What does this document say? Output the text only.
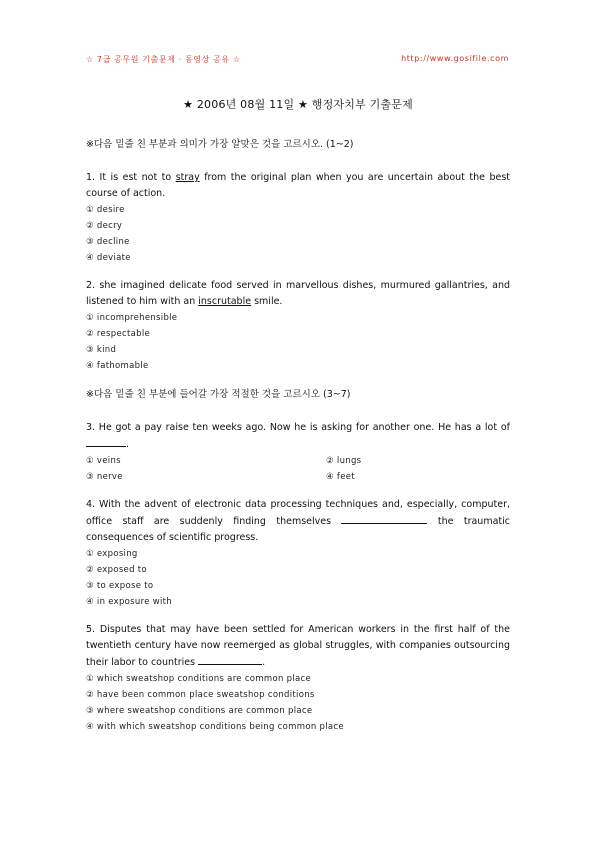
☆ 7급 공무원 기출문제 · 동영상 공유 ☆	http://www.gosifile.com
★ 2006년 08월 11일 ★ 행정자치부 기출문제
※다음 밑줄 친 부분과 의미가 가장 알맞은 것을 고르시오. (1~2)

1. It is est not to stray from the original plan when you are uncertain about the best course of action.

① desire
② decry
③ decline
④ deviate

2. she imagined delicate food served in marvellous dishes, murmured gallantries, and listened to him with an inscrutable smile.

① incomprehensible
② respectable
③ kind
④ fathomable
※다음 밑줄 친 부분에 들어갈 가장 적절한 것을 고르시오 (3~7)

3. He got a pay raise ten weeks ago. Now he is asking for another one. He has a lot of .

① veins	② lungs
③ nerve	④ feet

4. With the advent of electronic data processing techniques and, especially, computer, office staff are suddenly finding themselves	the traumatic consequences of scientific progress.

① exposing
② exposed to
③ to expose to
④ in exposure with

5. Disputes that may have been settled for American workers in the first half of the twentieth century have now reemerged as global struggles, with companies outsourcing their labor to countries	.

① which sweatshop conditions are common place
② have been common place sweatshop conditions
③ where sweatshop conditions are common place
④ with which sweatshop conditions being common place
